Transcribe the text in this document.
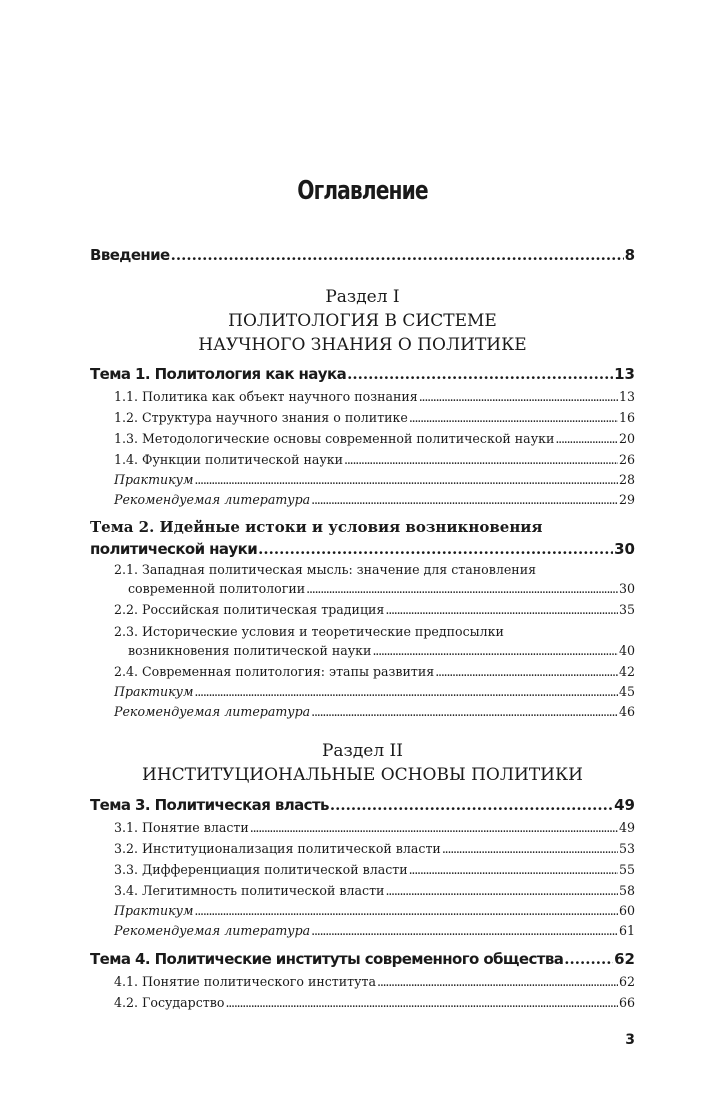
Оглавление
Введение . . .	8
Раздел I
ПОЛИТОЛОГИЯ В СИСТЕМЕ
НАУЧНОГО ЗНАНИЯ О ПОЛИТИКЕ
Тема 1. Политология как наука . . .	13
1.1. Политика как объект научного познания . . .	13
1.2. Структура научного знания о политике . . .	16
1.3. Методологические основы современной политической науки . . .	20
1.4. Функции политической науки . . .	26
Практикум . . .	28
Рекомендуемая литература . . .	29
Тема 2. Идейные истоки и условия возникновения
политической науки . . .	30
2.1. Западная политическая мысль: значение для становления
современной политологии . . .	30
2.2. Российская политическая традиция . . .	35
2.3. Исторические условия и теоретические предпосылки
возникновения политической науки . . .	40
2.4. Современная политология: этапы развития . . .	42
Практикум . . .	45
Рекомендуемая литература . . .	46
Раздел II
ИНСТИТУЦИОНАЛЬНЫЕ ОСНОВЫ ПОЛИТИКИ
Тема 3. Политическая власть . . .	49
3.1. Понятие власти . . .	49
3.2. Институционализация политической власти . . .	53
3.3. Дифференциация политической власти . . .	55
3.4. Легитимность политической власти . . .	58
Практикум . . .	60
Рекомендуемая литература . . .	61
Тема 4. Политические институты современного общества . . .	62
4.1. Понятие политического института . . .	62
4.2. Государство . . .	66
3
